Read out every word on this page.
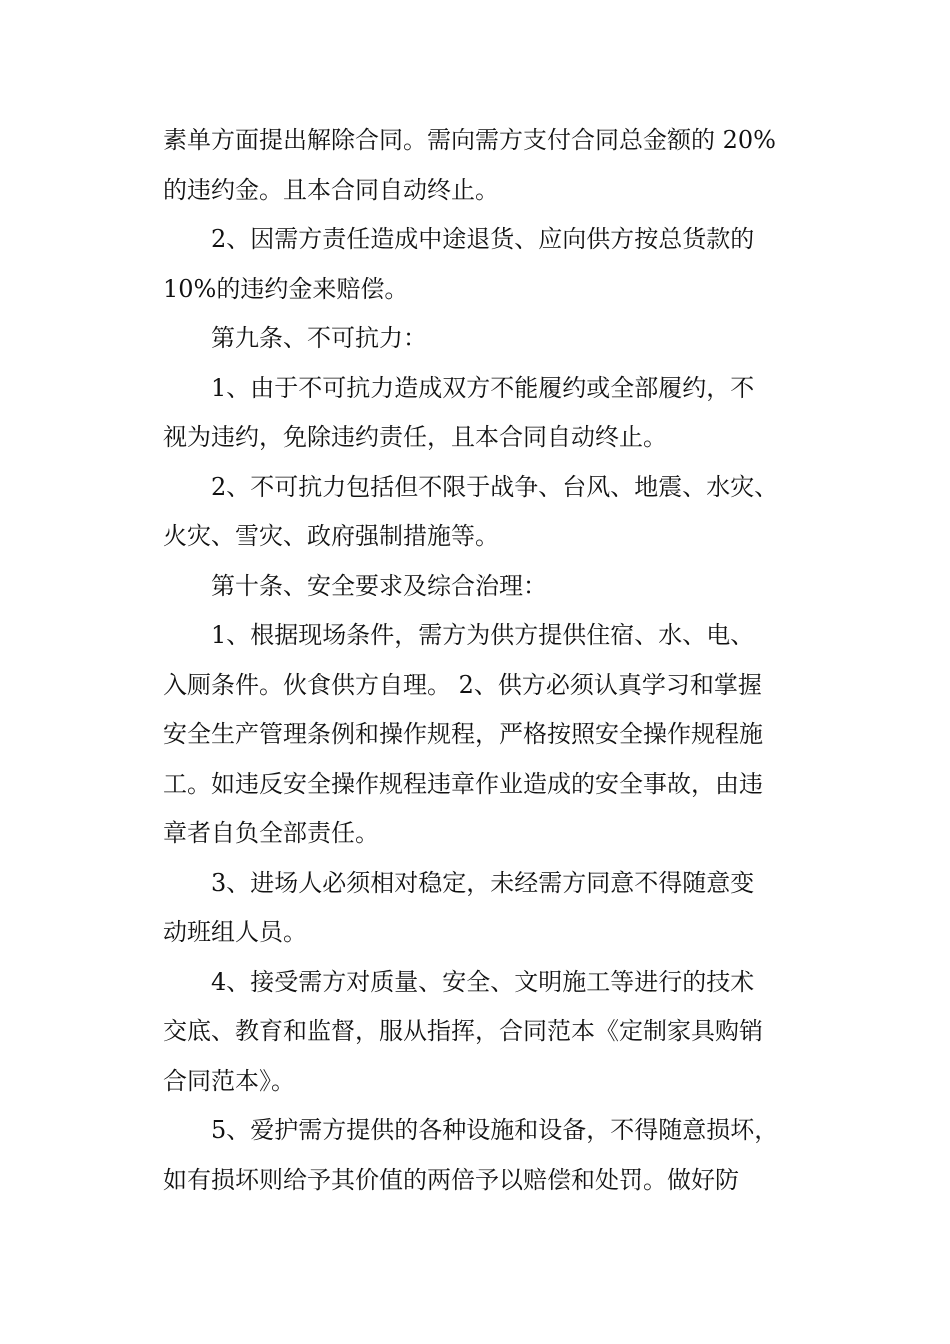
素单方面提出解除合同。需向需方支付合同总金额的 20%
的违约金。且本合同自动终止。
2、因需方责任造成中途退货、应向供方按总货款的
10%的违约金来赔偿。
第九条、不可抗力：
1、由于不可抗力造成双方不能履约或全部履约，不
视为违约，免除违约责任，且本合同自动终止。
2、不可抗力包括但不限于战争、台风、地震、水灾、
火灾、雪灾、政府强制措施等。
第十条、安全要求及综合治理：
1、根据现场条件，需方为供方提供住宿、水、电、
入厕条件。伙食供方自理。 2、供方必须认真学习和掌握
安全生产管理条例和操作规程，严格按照安全操作规程施
工。如违反安全操作规程违章作业造成的安全事故，由违
章者自负全部责任。
3、进场人必须相对稳定，未经需方同意不得随意变
动班组人员。
4、接受需方对质量、安全、文明施工等进行的技术
交底、教育和监督，服从指挥，合同范本《定制家具购销
合同范本》。
5、爱护需方提供的各种设施和设备，不得随意损坏，
如有损坏则给予其价值的两倍予以赔偿和处罚。做好防
